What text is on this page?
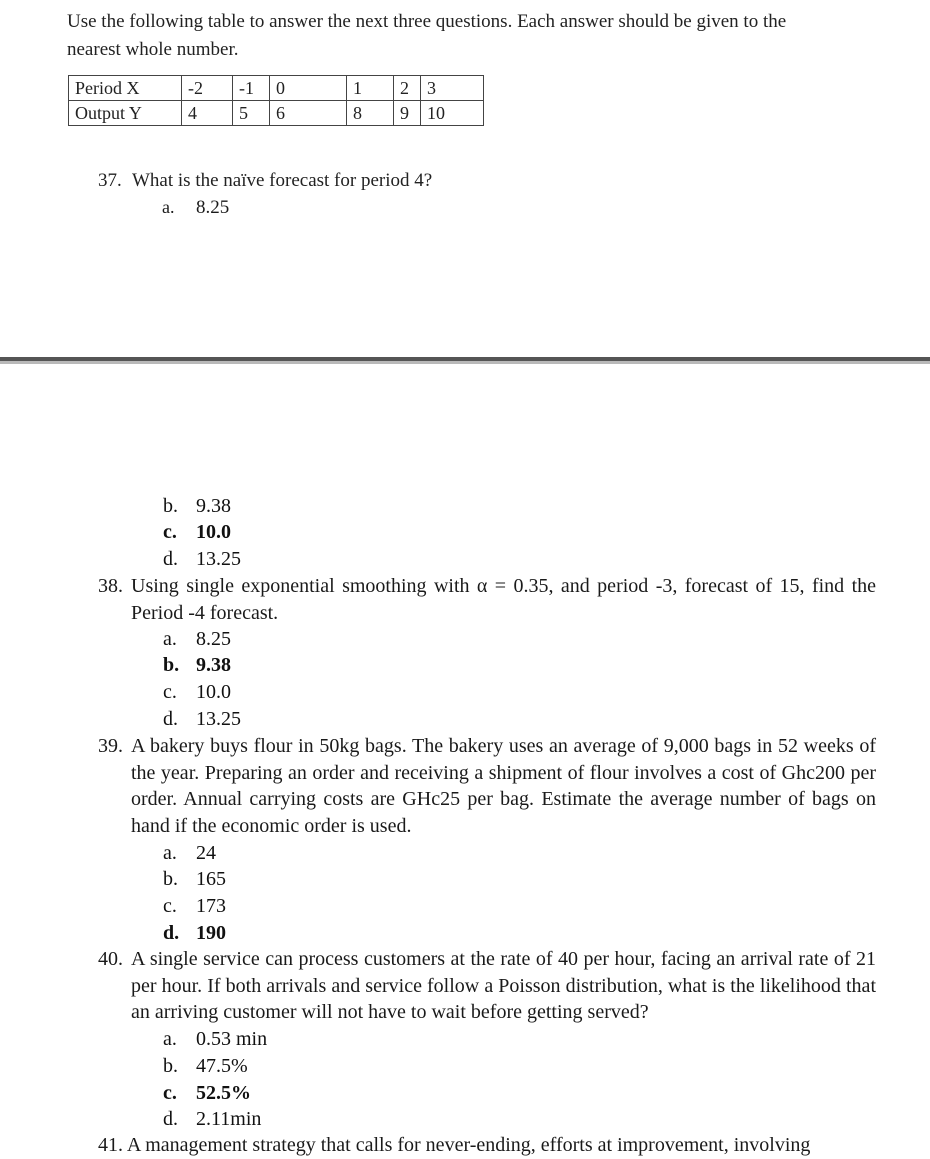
Use the following table to answer the next three questions. Each answer should be given to the
nearest whole number.
Period X	-2	-1	0	1	2	3
Output Y	4	5	6	8	9	10
37. What is the naïve forecast for period 4?
a. 8.25
b. 9.38
c. 10.0
d. 13.25
38. Using single exponential smoothing with α = 0.35, and period -3, forecast of 15, find the Period -4 forecast.
a. 8.25
b. 9.38
c. 10.0
d. 13.25
39. A bakery buys flour in 50kg bags. The bakery uses an average of 9,000 bags in 52 weeks of the year. Preparing an order and receiving a shipment of flour involves a cost of Ghc200 per order. Annual carrying costs are GHc25 per bag. Estimate the average number of bags on hand if the economic order is used.
a. 24
b. 165
c. 173
d. 190
40. A single service can process customers at the rate of 40 per hour, facing an arrival rate of 21 per hour. If both arrivals and service follow a Poisson distribution, what is the likelihood that an arriving customer will not have to wait before getting served?
a. 0.53 min
b. 47.5%
c. 52.5%
d. 2.11min
41. A management strategy that calls for never-ending, efforts at improvement, involving
